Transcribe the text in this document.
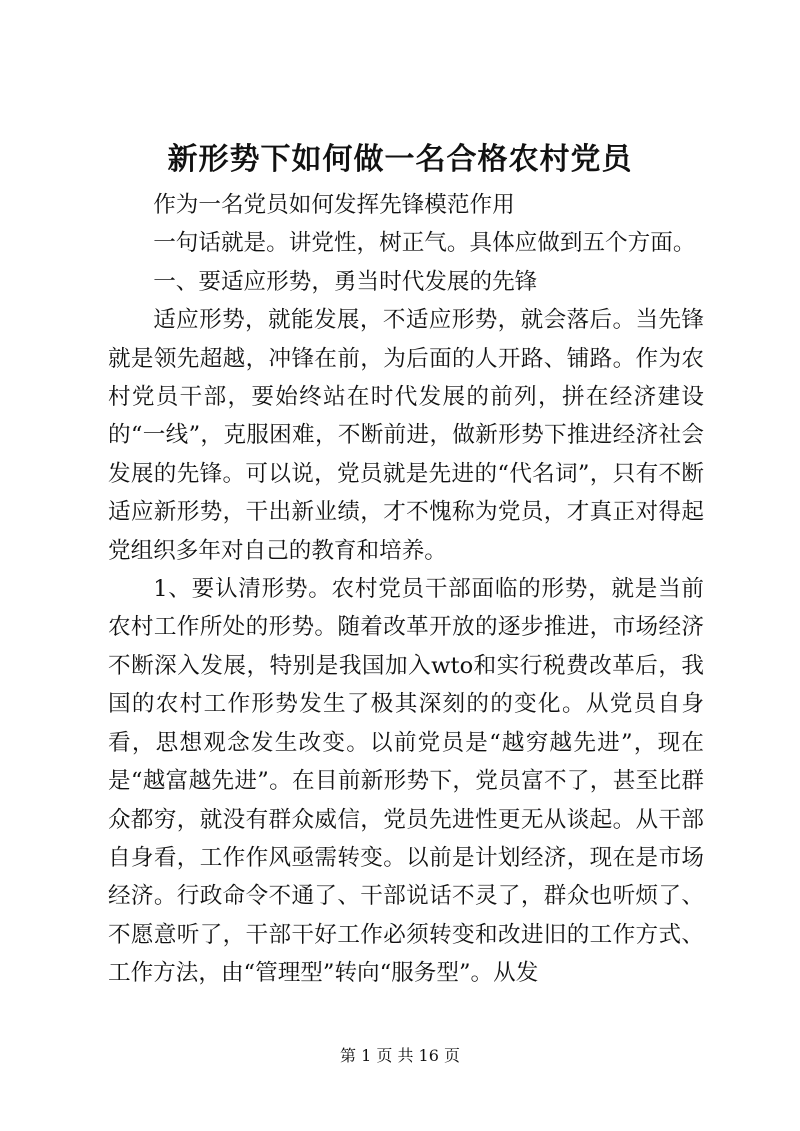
新形势下如何做一名合格农村党员

作为一名党员如何发挥先锋模范作用

一句话就是。讲党性，树正气。具体应做到五个方面。

一、要适应形势，勇当时代发展的先锋

适应形势，就能发展，不适应形势，就会落后。当先锋就是领先超越，冲锋在前，为后面的人开路、铺路。作为农村党员干部，要始终站在时代发展的前列，拼在经济建设的“一线”，克服困难，不断前进，做新形势下推进经济社会发展的先锋。可以说，党员就是先进的“代名词”，只有不断适应新形势，干出新业绩，才不愧称为党员，才真正对得起党组织多年对自己的教育和培养。

1、要认清形势。农村党员干部面临的形势，就是当前农村工作所处的形势。随着改革开放的逐步推进，市场经济不断深入发展，特别是我国加入wto和实行税费改革后，我国的农村工作形势发生了极其深刻的的变化。从党员自身看，思想观念发生改变。以前党员是“越穷越先进”，现在是“越富越先进”。在目前新形势下，党员富不了，甚至比群众都穷，就没有群众威信，党员先进性更无从谈起。从干部自身看，工作作风亟需转变。以前是计划经济，现在是市场经济。行政命令不通了、干部说话不灵了，群众也听烦了、不愿意听了，干部干好工作必须转变和改进旧的工作方式、工作方法，由“管理型”转向“服务型”。从发

第 1 页 共 16 页
